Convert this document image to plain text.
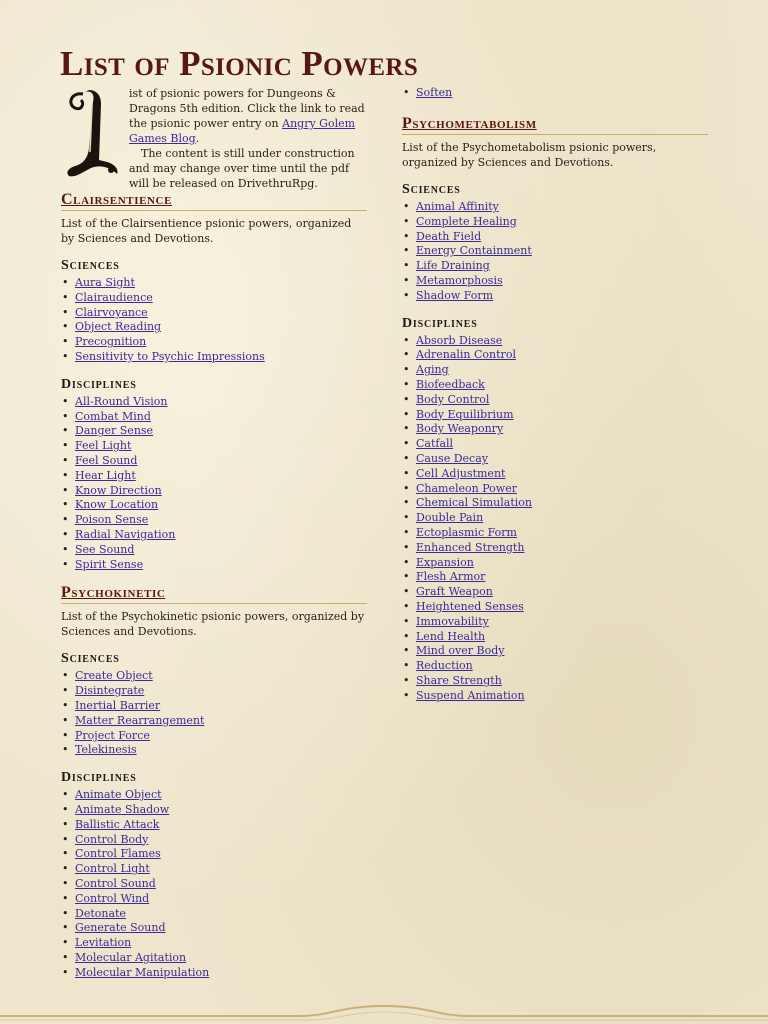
List of Psionic Powers

ist of psionic powers for Dungeons & Dragons 5th edition. Click the link to read the psionic power entry on Angry Golem Games Blog.

The content is still under construction and may change over time until the pdf will be released on DrivethruRpg.

Clairsentience

List of the Clairsentience psionic powers, organized by Sciences and Devotions.

Sciences
• Aura Sight
• Clairaudience
• Clairvoyance
• Object Reading
• Precognition
• Sensitivity to Psychic Impressions
Disciplines
• All-Round Vision
• Combat Mind
• Danger Sense
• Feel Light
• Feel Sound
• Hear Light
• Know Direction
• Know Location
• Poison Sense
• Radial Navigation
• See Sound
• Spirit Sense
Psychokinetic

List of the Psychokinetic psionic powers, organized by Sciences and Devotions.

Sciences
• Create Object
• Disintegrate
• Inertial Barrier
• Matter Rearrangement
• Project Force
• Telekinesis
Disciplines
• Animate Object
• Animate Shadow
• Ballistic Attack
• Control Body
• Control Flames
• Control Light
• Control Sound
• Control Wind
• Detonate
• Generate Sound
• Levitation
• Molecular Agitation
• Molecular Manipulation
• Soften
Psychometabolism

List of the Psychometabolism psionic powers, organized by Sciences and Devotions.

Sciences
• Animal Affinity
• Complete Healing
• Death Field
• Energy Containment
• Life Draining
• Metamorphosis
• Shadow Form
Disciplines
• Absorb Disease
• Adrenalin Control
• Aging
• Biofeedback
• Body Control
• Body Equilibrium
• Body Weaponry
• Catfall
• Cause Decay
• Cell Adjustment
• Chameleon Power
• Chemical Simulation
• Double Pain
• Ectoplasmic Form
• Enhanced Strength
• Expansion
• Flesh Armor
• Graft Weapon
• Heightened Senses
• Immovability
• Lend Health
• Mind over Body
• Reduction
• Share Strength
• Suspend Animation
